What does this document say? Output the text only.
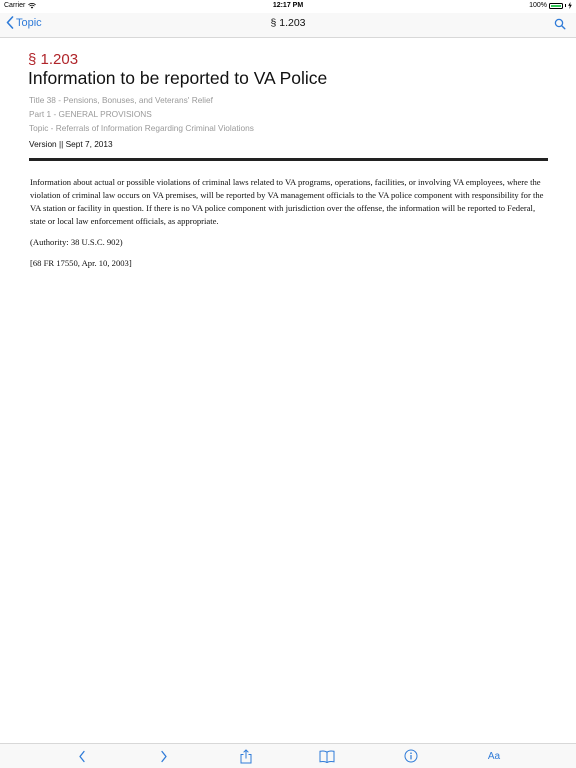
Carrier	12:17 PM	100%
Topic	§ 1.203
§ 1.203
Information to be reported to VA Police
Title 38 - Pensions, Bonuses, and Veterans' Relief
Part 1 - GENERAL PROVISIONS
Topic - Referrals of Information Regarding Criminal Violations
Version || Sept 7, 2013

Information about actual or possible violations of criminal laws related to VA programs, operations, facilities, or involving VA employees, where the violation of criminal law occurs on VA premises, will be reported by VA management officials to the VA police component with responsibility for the VA station or facility in question. If there is no VA police component with jurisdiction over the offense, the information will be reported to Federal, state or local law enforcement officials, as appropriate.

(Authority: 38 U.S.C. 902)

[68 FR 17550, Apr. 10, 2003]

Aa
